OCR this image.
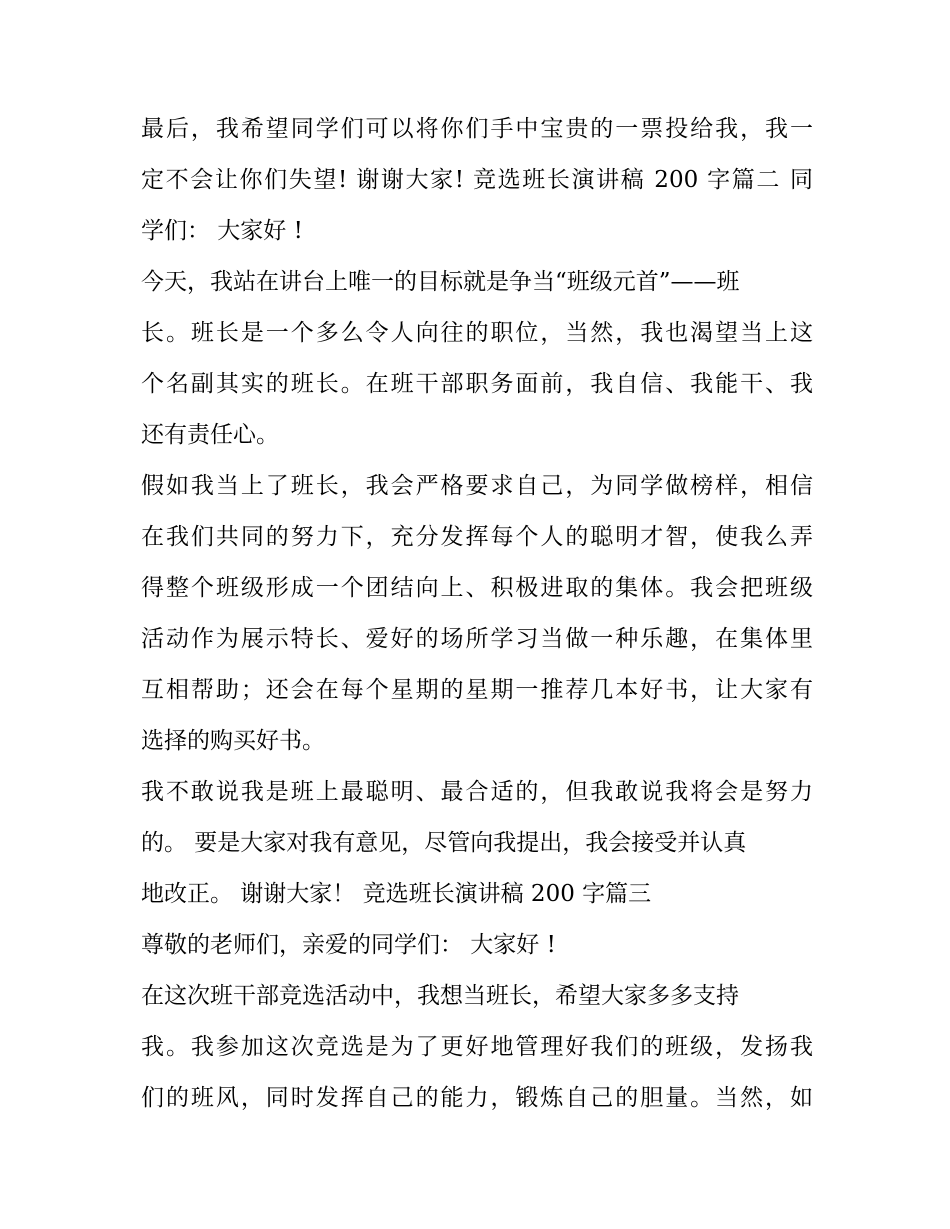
最后，我希望同学们可以将你们手中宝贵的一票投给我，我一
定不会让你们失望! 谢谢大家! 竞选班长演讲稿 200 字篇二 同
学们： 大家好 !
今天，我站在讲台上唯一的目标就是争当“班级元首”——班
长。班长是一个多么令人向往的职位，当然，我也渴望当上这
个名副其实的班长。在班干部职务面前，我自信、我能干、我
还有责任心。
假如我当上了班长，我会严格要求自己，为同学做榜样，相信
在我们共同的努力下，充分发挥每个人的聪明才智，使我么弄
得整个班级形成一个团结向上、积极进取的集体。我会把班级
活动作为展示特长、爱好的场所学习当做一种乐趣，在集体里
互相帮助；还会在每个星期的星期一推荐几本好书，让大家有
选择的购买好书。
我不敢说我是班上最聪明、最合适的，但我敢说我将会是努力
的。 要是大家对我有意见，尽管向我提出，我会接受并认真
地改正。 谢谢大家！ 竞选班长演讲稿 200 字篇三
尊敬的老师们，亲爱的同学们： 大家好 !
在这次班干部竞选活动中，我想当班长，希望大家多多支持
我。我参加这次竞选是为了更好地管理好我们的班级，发扬我
们的班风，同时发挥自己的能力，锻炼自己的胆量。当然，如
